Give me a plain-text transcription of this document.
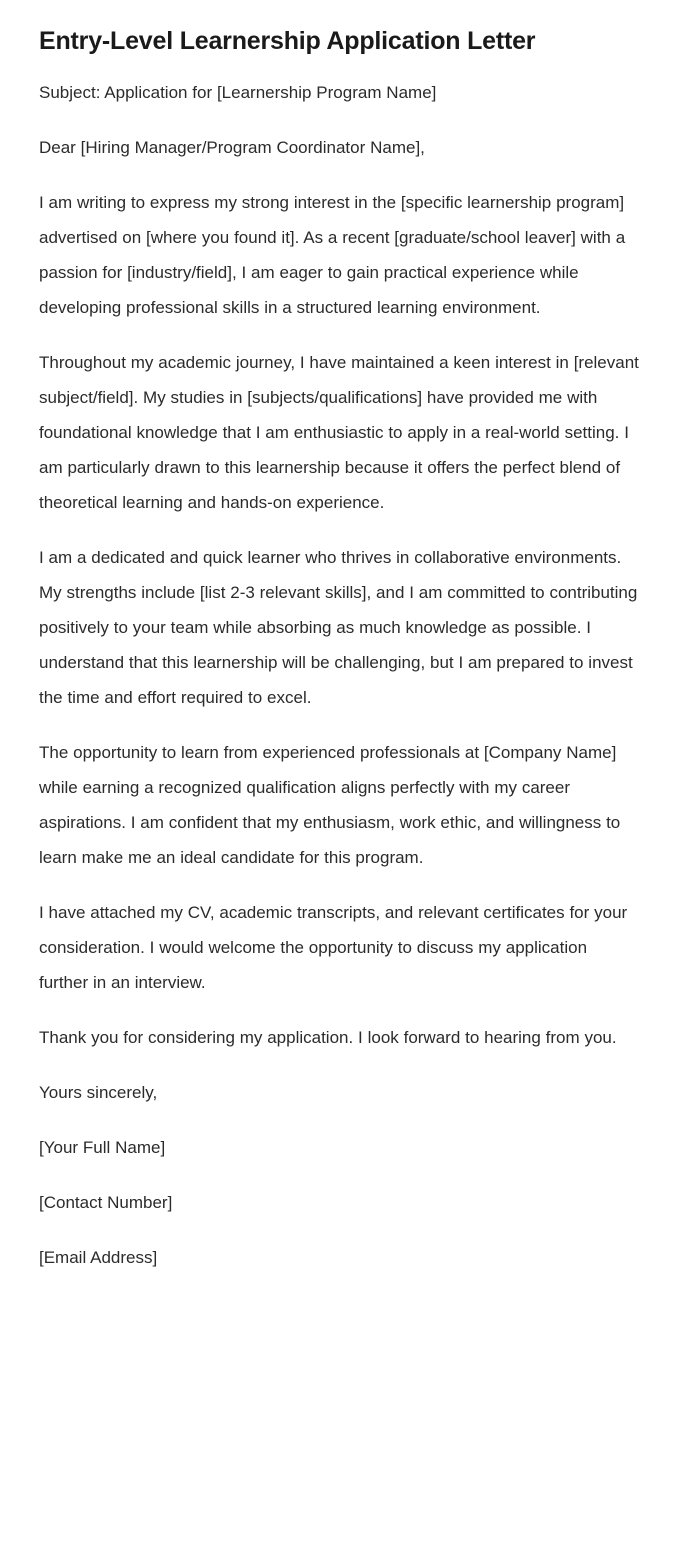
Entry-Level Learnership Application Letter

Subject: Application for [Learnership Program Name]

Dear [Hiring Manager/Program Coordinator Name],

I am writing to express my strong interest in the [specific learnership program] advertised on [where you found it]. As a recent [graduate/school leaver] with a passion for [industry/field], I am eager to gain practical experience while developing professional skills in a structured learning environment.

Throughout my academic journey, I have maintained a keen interest in [relevant subject/field]. My studies in [subjects/qualifications] have provided me with foundational knowledge that I am enthusiastic to apply in a real-world setting. I am particularly drawn to this learnership because it offers the perfect blend of theoretical learning and hands-on experience.

I am a dedicated and quick learner who thrives in collaborative environments. My strengths include [list 2-3 relevant skills], and I am committed to contributing positively to your team while absorbing as much knowledge as possible. I understand that this learnership will be challenging, but I am prepared to invest the time and effort required to excel.

The opportunity to learn from experienced professionals at [Company Name] while earning a recognized qualification aligns perfectly with my career aspirations. I am confident that my enthusiasm, work ethic, and willingness to learn make me an ideal candidate for this program.

I have attached my CV, academic transcripts, and relevant certificates for your consideration. I would welcome the opportunity to discuss my application further in an interview.

Thank you for considering my application. I look forward to hearing from you.

Yours sincerely,

[Your Full Name]

[Contact Number]

[Email Address]
